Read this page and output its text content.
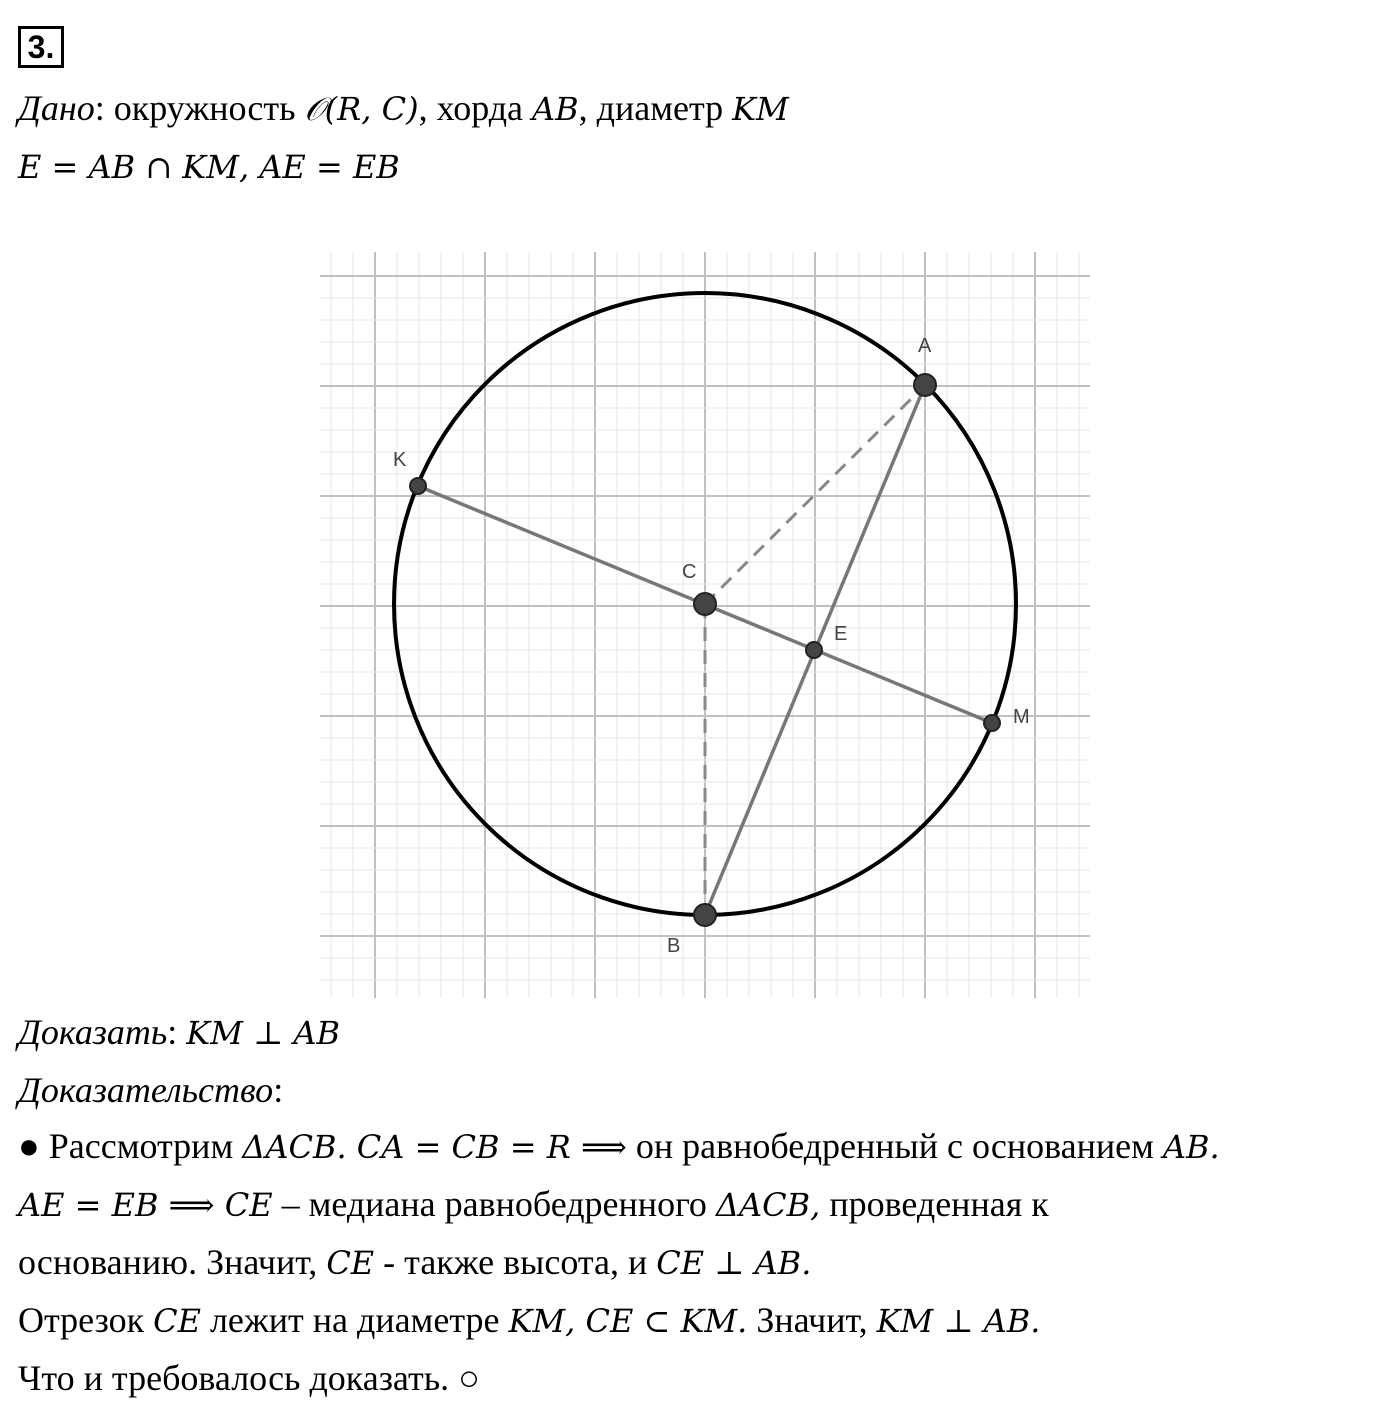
3.
Дано: окружность 𝒪(R, C), хорда AB, диаметр KM
E = AB ∩ KM, AE = EB
A
B
C
E
K
M
Доказать: KM ⊥ AB
Доказательство:
● Рассмотрим ΔACB. CA = CB = R ⟹ он равнобедренный с основанием AB.
AE = EB ⟹ CE – медиана равнобедренного ΔACB, проведенная к
основанию. Значит, CE - также высота, и CE ⊥ AB.
Отрезок CE лежит на диаметре KM, CE ⊂ KM. Значит, KM ⊥ AB.
Что и требовалось доказать. ○
